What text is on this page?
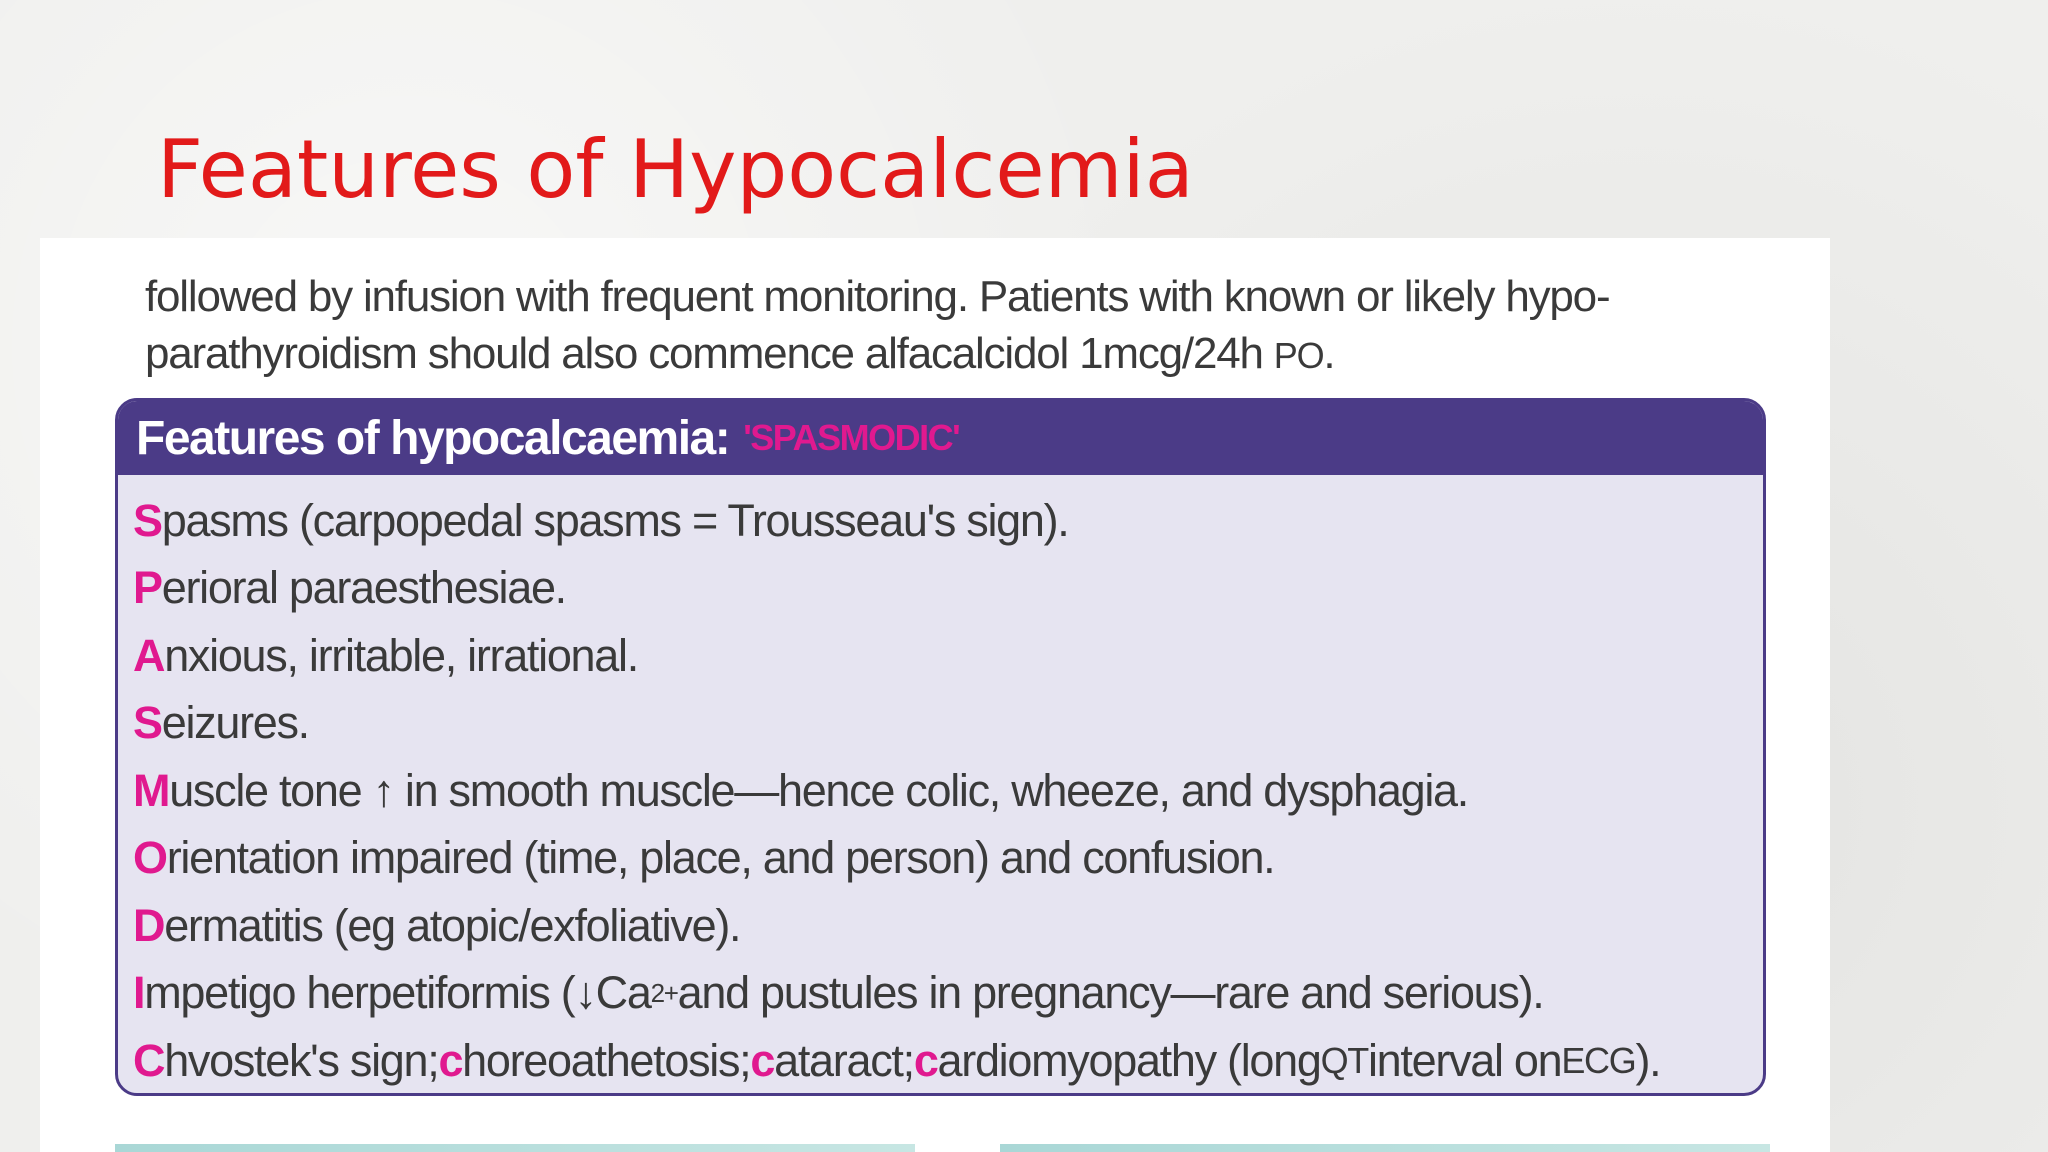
Features of Hypocalcemia
followed by infusion with frequent monitoring. Patients with known or likely hypo-
parathyroidism should also commence alfacalcidol 1mcg/24h PO.
Features of hypocalcaemia: 'SPASMODIC'
S pasms (carpopedal spasms = Trousseau's sign).
P erioral paraesthesiae.
A nxious, irritable, irrational.
S eizures.
M uscle tone ↑ in smooth muscle—hence colic, wheeze, and dysphagia.
O rientation impaired (time, place, and person) and confusion.
D ermatitis (eg atopic/exfoliative).
I mpetigo herpetiformis (↓Ca 2+ and pustules in pregnancy—rare and serious).
C hvostek's sign; c horeoathetosis; c ataract; c ardiomyopathy (long QT interval on ECG ).
